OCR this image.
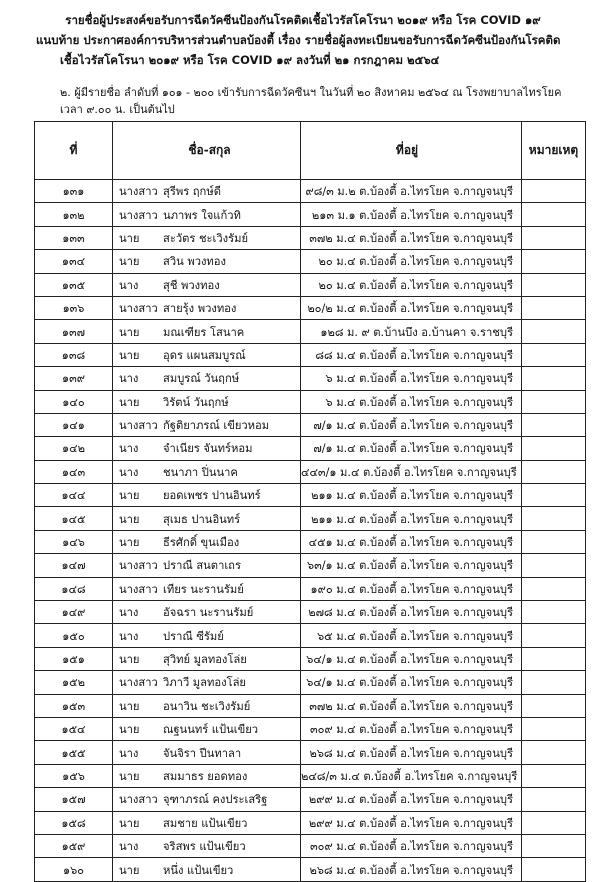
รายชื่อผู้ประสงค์ขอรับการฉีดวัคซีนป้องกันโรคติดเชื้อไวรัสโคโรนา ๒๐๑๙ หรือ โรค COVID ๑๙
แนบท้าย ประกาศองค์การบริหารส่วนตำบลบ้องตี้ เรื่อง รายชื่อผู้ลงทะเบียนขอรับการฉีดวัคซีนป้องกันโรคติด
เชื้อไวรัสโคโรนา ๒๐๑๙ หรือ โรค COVID ๑๙ ลงวันที่ ๒๑ กรกฎาคม ๒๕๖๔
๒. ผู้มีรายชื่อ ลำดับที่ ๑๐๑ - ๒๐๐ เข้ารับการฉีดวัคซีนฯ ในวันที่ ๒๐ สิงหาคม ๒๕๖๔ ณ โรงพยาบาลไทรโยค
เวลา ๙.๐๐ น. เป็นต้นไป
ที่	ชื่อ-สกุล	ที่อยู่	หมายเหตุ
๑๓๑	นางสาว สุรีพร ฤกษ์ดี	๙๘/๓ ม.๒ ต.บ้องตี้ อ.ไทรโยค จ.กาญจนบุรี	
๑๓๒	นางสาว นภาพร ใจแก้วทิ	๒๑๓ ม.๑ ต.บ้องตี้ อ.ไทรโยค จ.กาญจนบุรี	
๑๓๓	นาย สะวัตร ชะเวิงรัมย์	๓๗๒ ม.๔ ต.บ้องตี้ อ.ไทรโยค จ.กาญจนบุรี	
๑๓๔	นาย สวิน พวงทอง	๒๐ ม.๔ ต.บ้องตี้ อ.ไทรโยค จ.กาญจนบุรี	
๑๓๕	นาง สุชี พวงทอง	๒๐ ม.๔ ต.บ้องตี้ อ.ไทรโยค จ.กาญจนบุรี	
๑๓๖	นางสาว สายรุ้ง พวงทอง	๒๐/๒ ม.๔ ต.บ้องตี้ อ.ไทรโยค จ.กาญจนบุรี	
๑๓๗	นาย มณเฑียร โสนาค	๑๒๘ ม. ๙ ต.บ้านบึง อ.บ้านคา จ.ราชบุรี	
๑๓๘	นาย อุดร แผนสมบูรณ์	๘๘ ม.๔ ต.บ้องตี้ อ.ไทรโยค จ.กาญจนบุรี	
๑๓๙	นาง สมบูรณ์ วันฤกษ์	๖ ม.๔ ต.บ้องตี้ อ.ไทรโยค จ.กาญจนบุรี	
๑๔๐	นาย วิรัตน์ วันฤกษ์	๖ ม.๔ ต.บ้องตี้ อ.ไทรโยค จ.กาญจนบุรี	
๑๔๑	นางสาว กัฐติยาภรณ์ เขียวหอม	๗/๑ ม.๔ ต.บ้องตี้ อ.ไทรโยค จ.กาญจนบุรี	
๑๔๒	นาง จำเนียร จันทร์หอม	๗/๑ ม.๔ ต.บ้องตี้ อ.ไทรโยค จ.กาญจนบุรี	
๑๔๓	นาง ชนาภา ปิ่นนาค	๔๔๓/๑ ม.๔ ต.บ้องตี้ อ.ไทรโยค จ.กาญจนบุรี	
๑๔๔	นาย ยอดเพชร ปานอินทร์	๒๑๑ ม.๔ ต.บ้องตี้ อ.ไทรโยค จ.กาญจนบุรี	
๑๔๕	นาย สุเมธ ปานอินทร์	๒๑๑ ม.๔ ต.บ้องตี้ อ.ไทรโยค จ.กาญจนบุรี	
๑๔๖	นาย ธีรศักดิ์ ขุนเมือง	๔๕๑ ม.๔ ต.บ้องตี้ อ.ไทรโยค จ.กาญจนบุรี	
๑๔๗	นางสาว ปราณี สนตาเถร	๖๓/๑ ม.๔ ต.บ้องตี้ อ.ไทรโยค จ.กาญจนบุรี	
๑๔๘	นางสาว เทียร นะรานรัมย์	๑๙๐ ม.๔ ต.บ้องตี้ อ.ไทรโยค จ.กาญจนบุรี	
๑๔๙	นาง อัจฉรา นะรานรัมย์	๒๗๘ ม.๔ ต.บ้องตี้ อ.ไทรโยค จ.กาญจนบุรี	
๑๕๐	นาง ปราณี ซีรัมย์	๖๕ ม.๔ ต.บ้องตี้ อ.ไทรโยค จ.กาญจนบุรี	
๑๕๑	นาย สุวิทย์ มูลทองโล่ย	๖๔/๑ ม.๔ ต.บ้องตี้ อ.ไทรโยค จ.กาญจนบุรี	
๑๕๒	นางสาว วิภาวี มูลทองโล่ย	๖๔/๑ ม.๔ ต.บ้องตี้ อ.ไทรโยค จ.กาญจนบุรี	
๑๕๓	นาย อนาวิน ชะเวิงรัมย์	๓๗๒ ม.๔ ต.บ้องตี้ อ.ไทรโยค จ.กาญจนบุรี	
๑๕๔	นาย ณฐนนทร์ แป้นเขียว	๓๐๙ ม.๔ ต.บ้องตี้ อ.ไทรโยค จ.กาญจนบุรี	
๑๕๕	นาง จันจิรา ปีนทาลา	๒๖๘ ม.๔ ต.บ้องตี้ อ.ไทรโยค จ.กาญจนบุรี	
๑๕๖	นาย สมมาธร ยอดทอง	๒๔๘/๓ ม.๔ ต.บ้องตี้ อ.ไทรโยค จ.กาญจนบุรี	
๑๕๗	นางสาว จุฑาภรณ์ คงประเสริฐ	๒๙๙ ม.๔ ต.บ้องตี้ อ.ไทรโยค จ.กาญจนบุรี	
๑๕๘	นาย สมชาย แป้นเขียว	๒๙๙ ม.๔ ต.บ้องตี้ อ.ไทรโยค จ.กาญจนบุรี	
๑๕๙	นาง จริสพร แป้นเขียว	๓๐๙ ม.๔ ต.บ้องตี้ อ.ไทรโยค จ.กาญจนบุรี	
๑๖๐	นาย หนึ่ง แป้นเขียว	๒๖๘ ม.๔ ต.บ้องตี้ อ.ไทรโยค จ.กาญจนบุรี	
